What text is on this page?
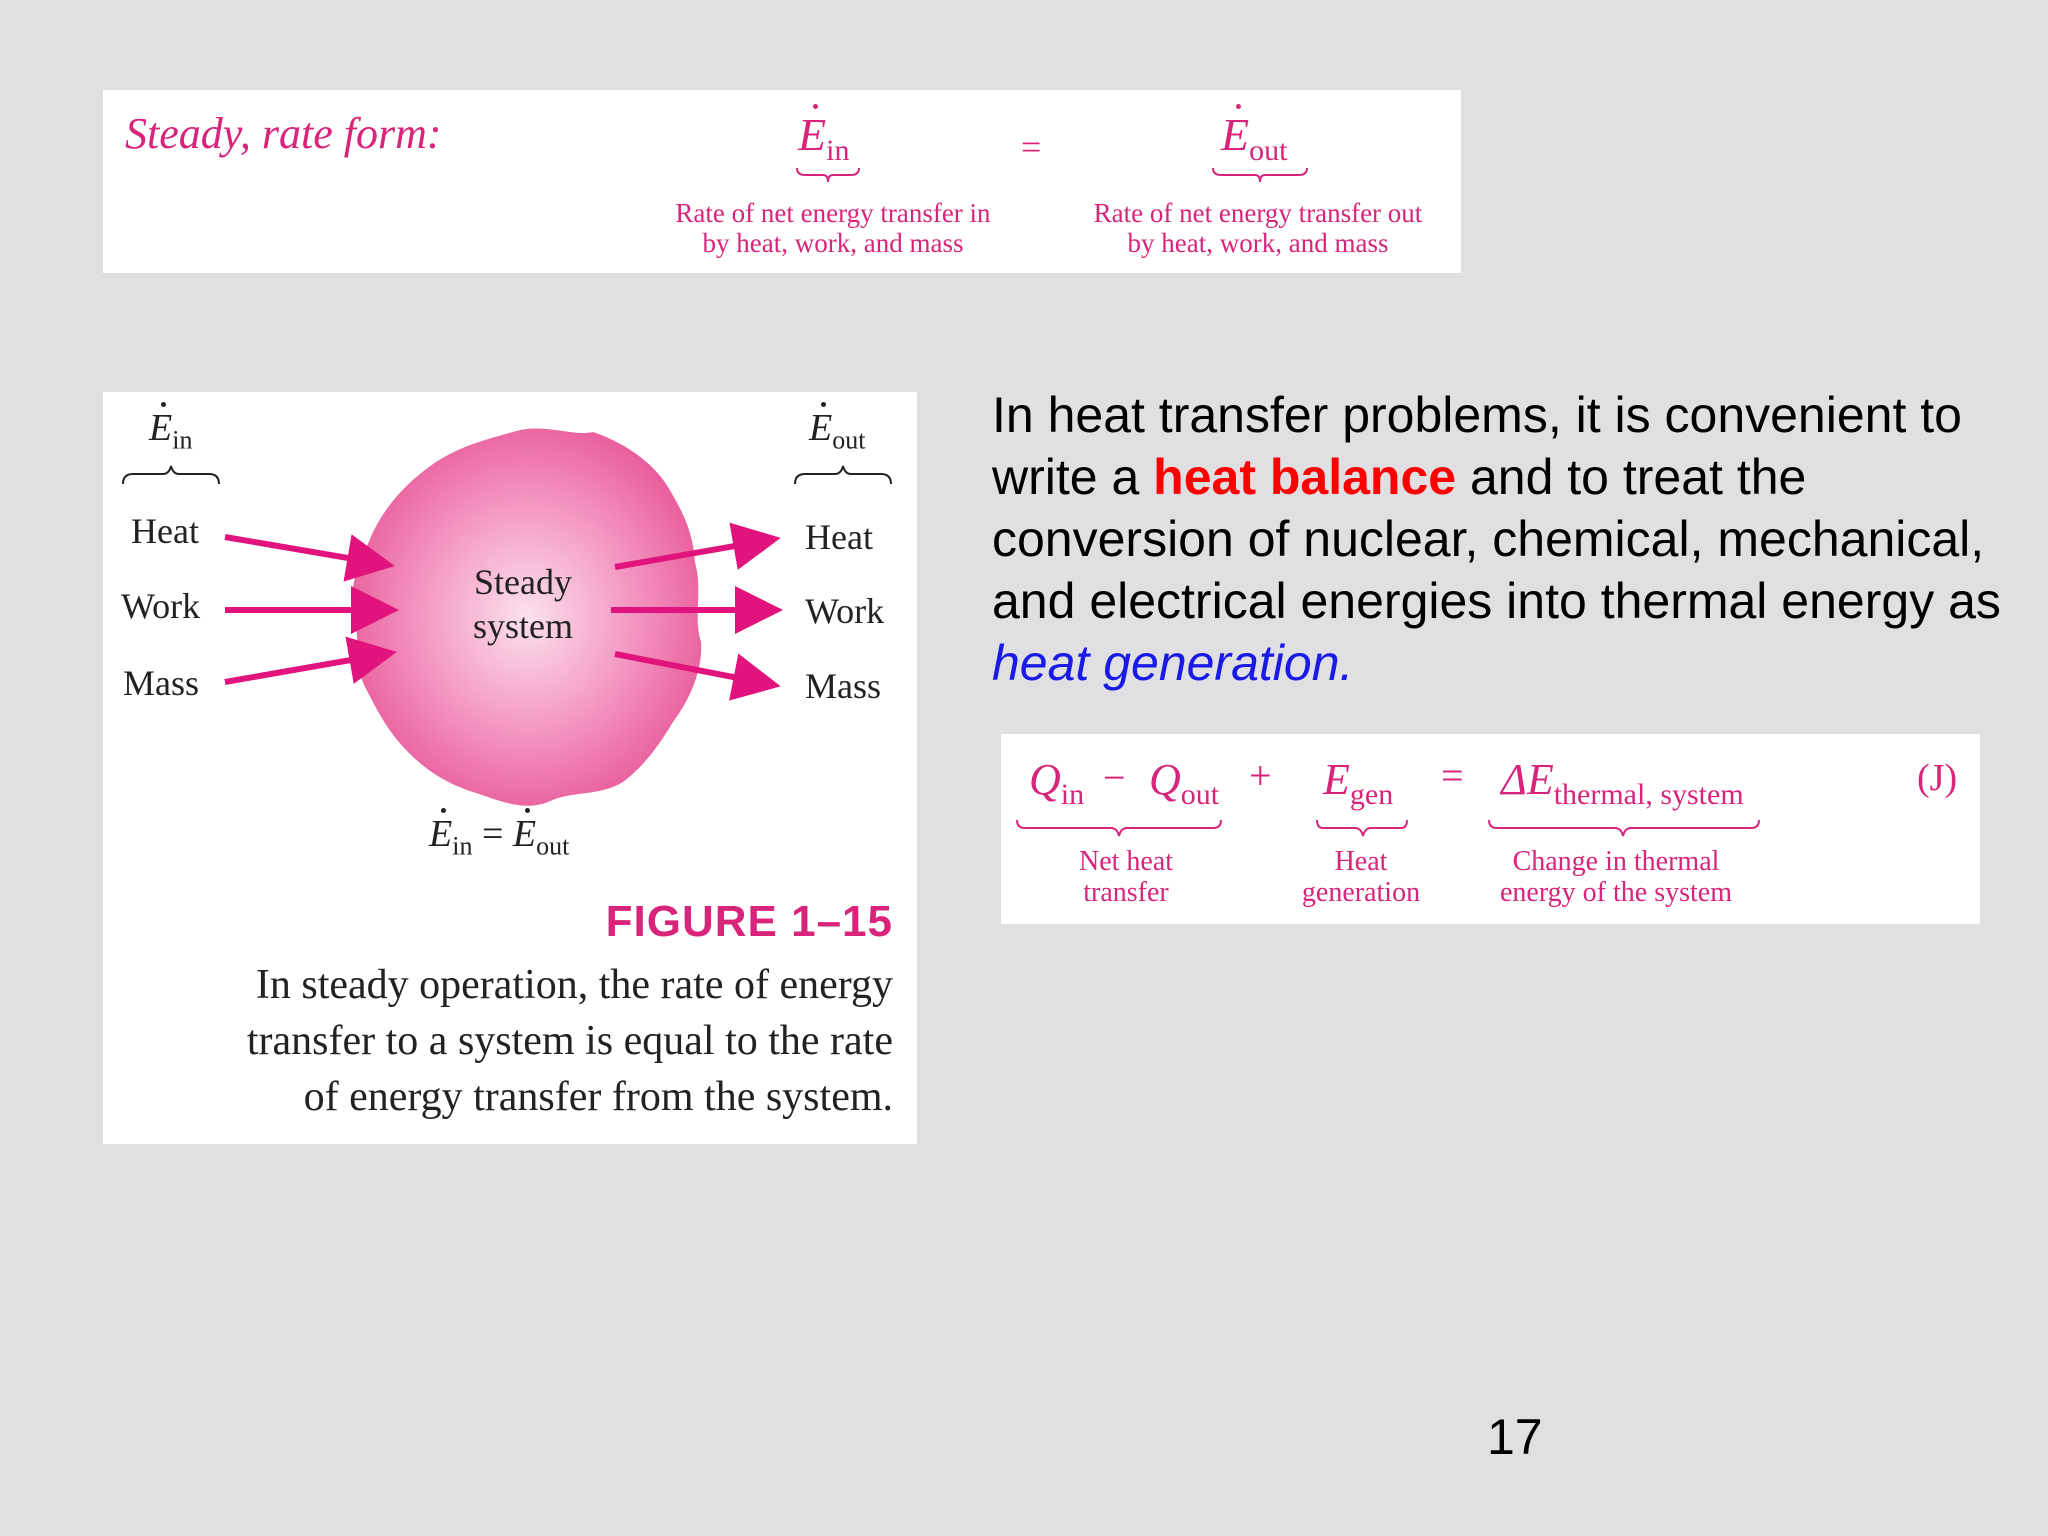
Steady, rate form:	$E_{in}$	=	$E_{out}$
Rate of net energy transfer in
by heat, work, and mass
Rate of net energy transfer out
by heat, work, and mass
$E_{in}$	$E_{out}$
Heat
Work
Mass
Heat
Work
Mass
Steady
system
$E_{in} = E_{out}$
FIGURE 1–15
In steady operation, the rate of energy
transfer to a system is equal to the rate
of energy transfer from the system.
In heat transfer problems, it is convenient to write a heat balance and to treat the conversion of nuclear, chemical, mechanical, and electrical energies into thermal energy as heat generation.
$Q_{in} - Q_{out} + E_{gen} = \Delta E_{thermal, system}$	(J)
Net heat
transfer
Heat
generation
Change in thermal
energy of the system
17
